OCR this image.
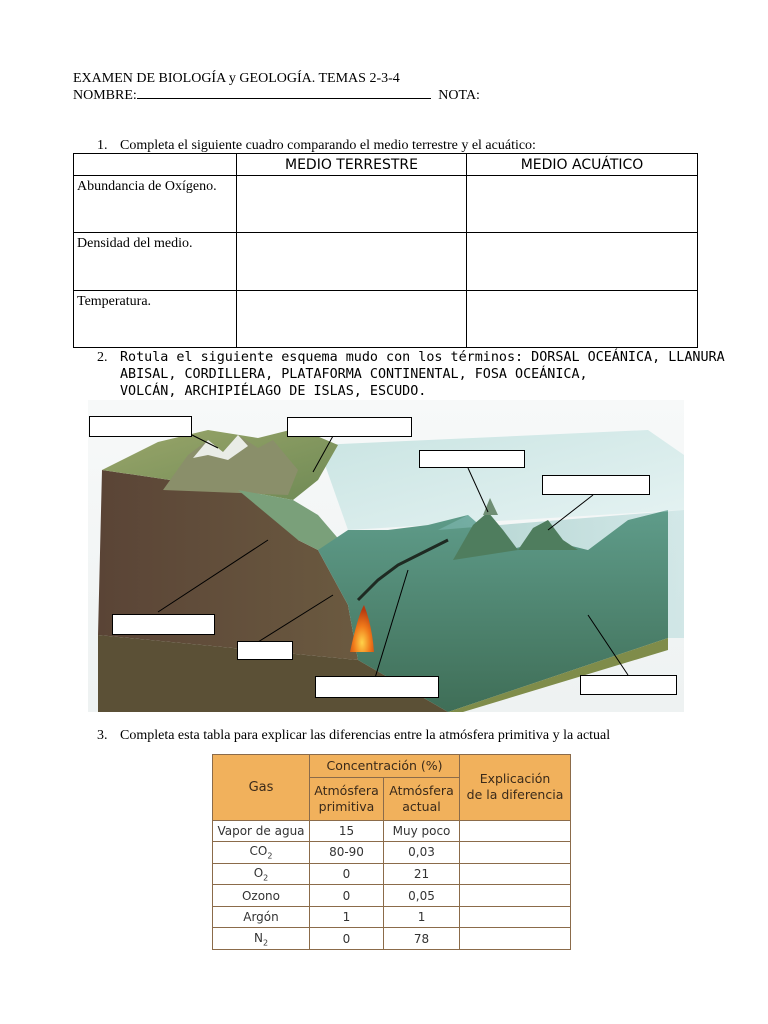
EXAMEN DE BIOLOGÍA y GEOLOGÍA. TEMAS 2-3-4
NOMBRE:	NOTA:
1. Completa el siguiente cuadro comparando el medio terrestre y el acuático:
	MEDIO TERRESTRE	MEDIO ACUÁTICO
Abundancia de Oxígeno.		
Densidad del medio.		
Temperatura.		
2. Rotula el siguiente esquema mudo con los términos: DORSAL OCEÁNICA, LLANURA
ABISAL, CORDILLERA, PLATAFORMA CONTINENTAL, FOSA OCEÁNICA,
VOLCÁN, ARCHIPIÉLAGO DE ISLAS, ESCUDO.
3. Completa esta tabla para explicar las diferencias entre la atmósfera primitiva y la actual
Gas	Concentración (%)		Explicación
de la diferencia
	Atmósfera
primitiva	Atmósfera
actual	
Vapor de agua	15	Muy poco	
$CO_2$	80-90	0,03	
$O_2$	0	21	
Ozono	0	0,05	
Argón	1	1	
$N_2$	0	78	
